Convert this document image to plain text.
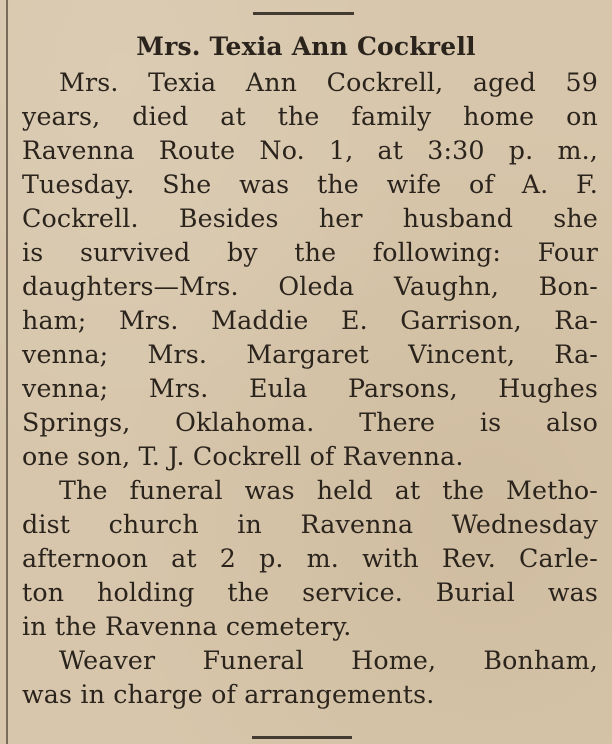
Mrs. Texia Ann Cockrell
Mrs. Texia Ann Cockrell, aged 59
years, died at the family home on
Ravenna Route No. 1, at 3:30 p. m.,
Tuesday. She was the wife of A. F.
Cockrell. Besides her husband she
is survived by the following: Four
daughters—Mrs. Oleda Vaughn, Bon-
ham; Mrs. Maddie E. Garrison, Ra-
venna; Mrs. Margaret Vincent, Ra-
venna; Mrs. Eula Parsons, Hughes
Springs, Oklahoma. There is also
one son, T. J. Cockrell of Ravenna.
The funeral was held at the Metho-
dist church in Ravenna Wednesday
afternoon at 2 p. m. with Rev. Carle-
ton holding the service. Burial was
in the Ravenna cemetery.
Weaver Funeral Home, Bonham,
was in charge of arrangements.
